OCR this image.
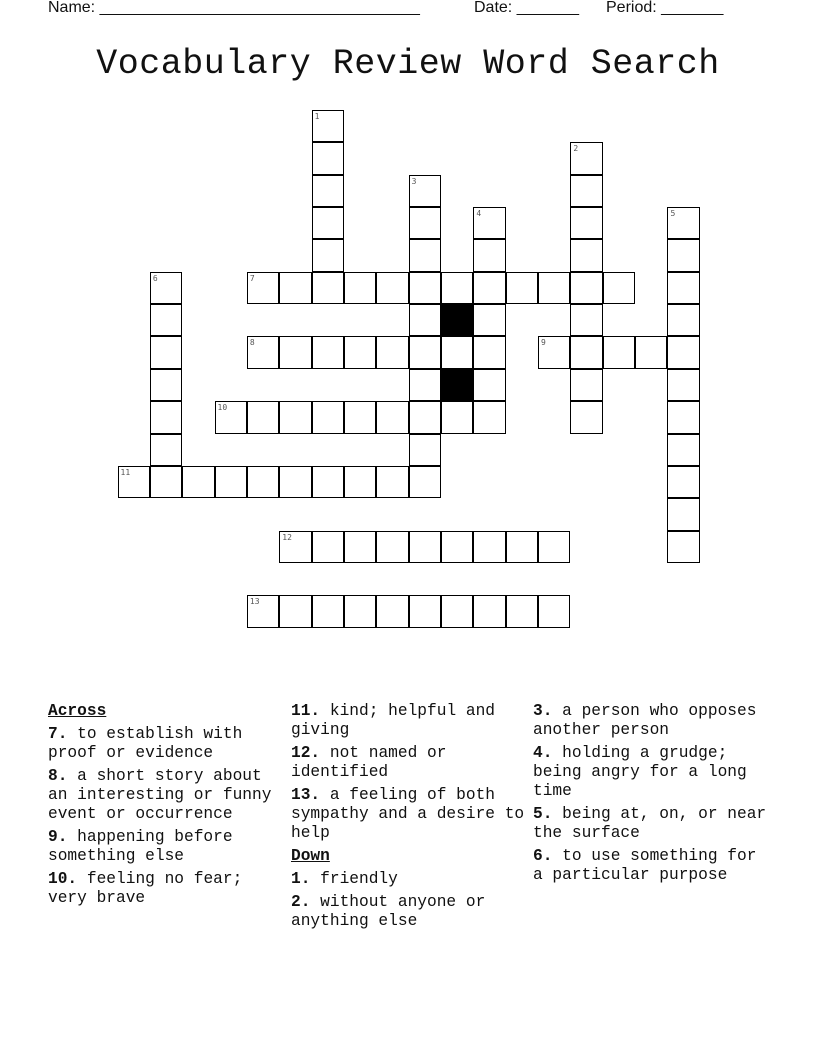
Name: ____________________________________	Date: _______ Period: _______
Vocabulary Review Word Search
1
2
3
4	5
6	7
8	9
10
11
12
13
Across
7. to establish with proof or evidence
8. a short story about an interesting or funny event or occurrence
9. happening before something else
10. feeling no fear; very brave
11. kind; helpful and giving
12. not named or identified
13. a feeling of both sympathy and a desire to help
Down
1. friendly
2. without anyone or anything else
3. a person who opposes another person
4. holding a grudge; being angry for a long time
5. being at, on, or near the surface
6. to use something for a particular purpose
